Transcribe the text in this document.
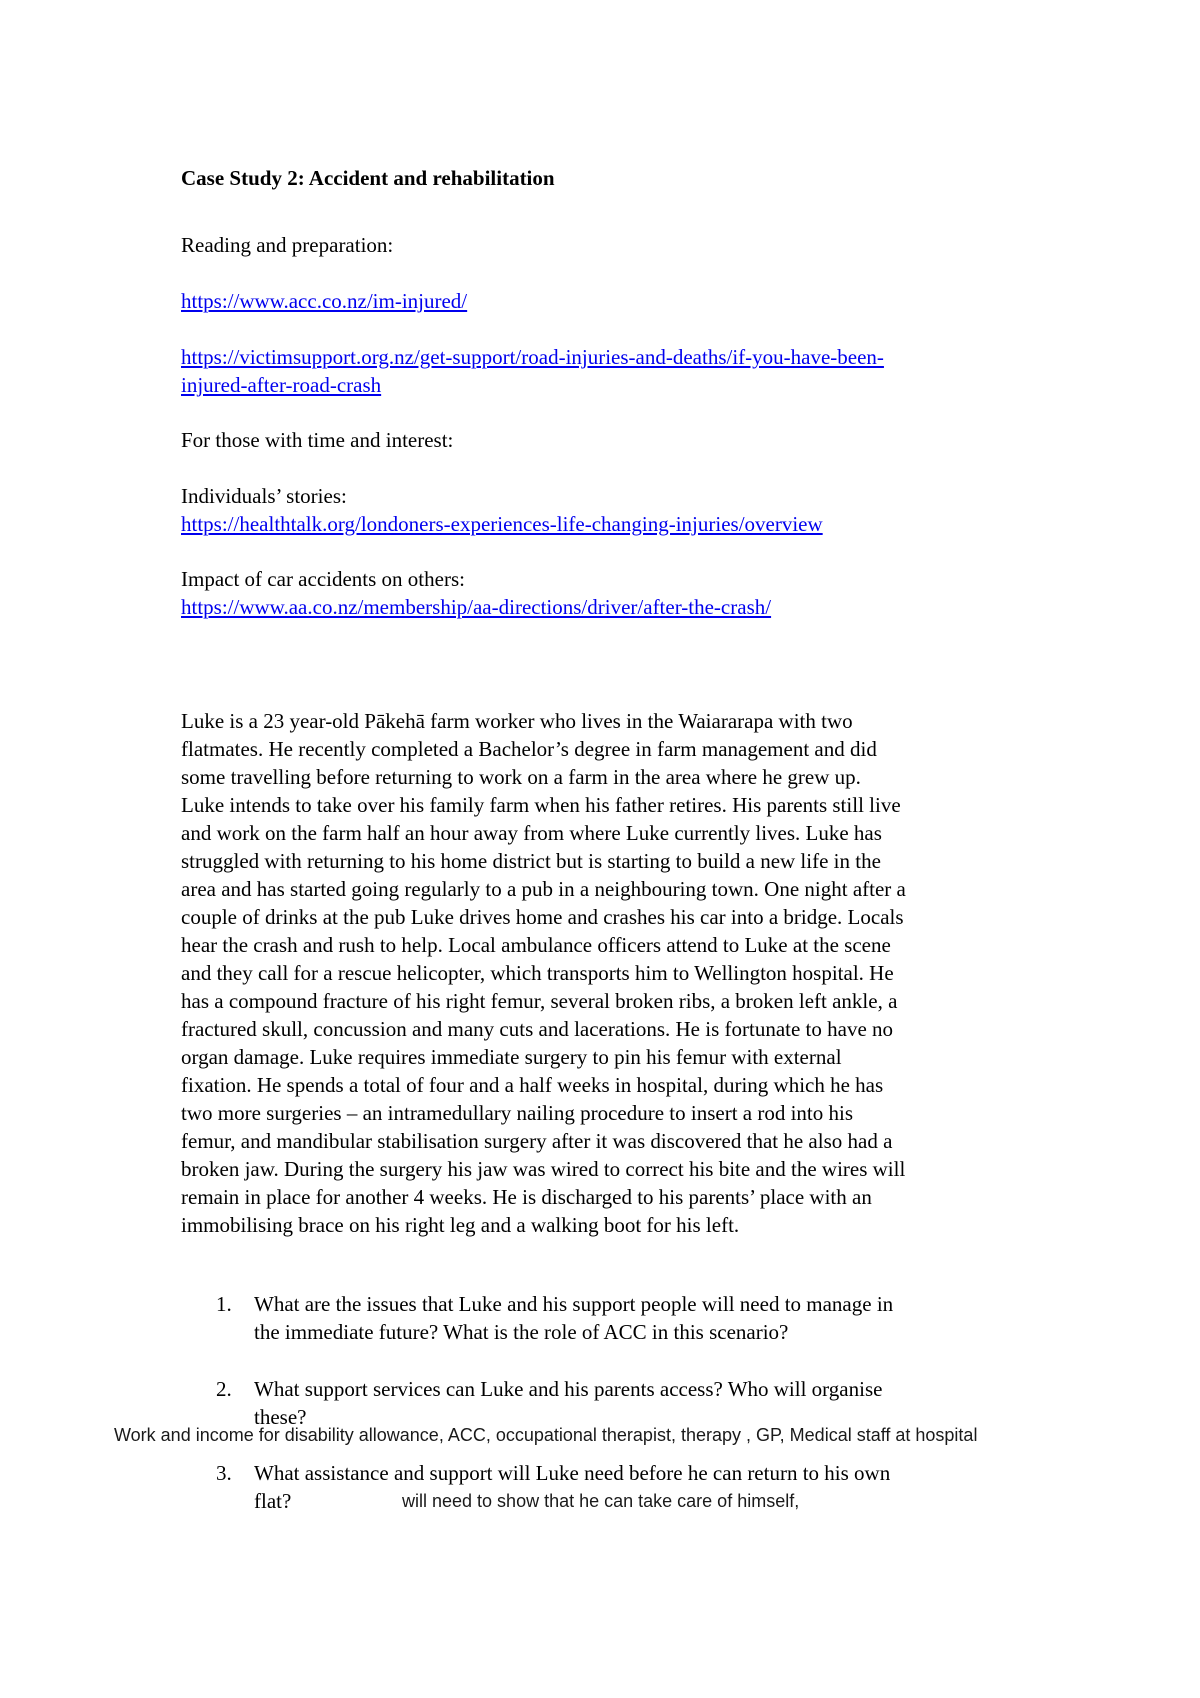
Case Study 2: Accident and rehabilitation

Reading and preparation:

https://www.acc.co.nz/im-injured/

https://victimsupport.org.nz/get-support/road-injuries-and-deaths/if-you-have-been-
injured-after-road-crash

For those with time and interest:

Individuals’ stories:
https://healthtalk.org/londoners-experiences-life-changing-injuries/overview

Impact of car accidents on others:
https://www.aa.co.nz/membership/aa-directions/driver/after-the-crash/

Luke is a 23 year-old Pākehā farm worker who lives in the Waiararapa with two
flatmates. He recently completed a Bachelor’s degree in farm management and did
some travelling before returning to work on a farm in the area where he grew up.
Luke intends to take over his family farm when his father retires. His parents still live
and work on the farm half an hour away from where Luke currently lives. Luke has
struggled with returning to his home district but is starting to build a new life in the
area and has started going regularly to a pub in a neighbouring town. One night after a
couple of drinks at the pub Luke drives home and crashes his car into a bridge. Locals
hear the crash and rush to help. Local ambulance officers attend to Luke at the scene
and they call for a rescue helicopter, which transports him to Wellington hospital. He
has a compound fracture of his right femur, several broken ribs, a broken left ankle, a
fractured skull, concussion and many cuts and lacerations. He is fortunate to have no
organ damage. Luke requires immediate surgery to pin his femur with external
fixation. He spends a total of four and a half weeks in hospital, during which he has
two more surgeries – an intramedullary nailing procedure to insert a rod into his
femur, and mandibular stabilisation surgery after it was discovered that he also had a
broken jaw. During the surgery his jaw was wired to correct his bite and the wires will
remain in place for another 4 weeks. He is discharged to his parents’ place with an
immobilising brace on his right leg and a walking boot for his left.
1. What are the issues that Luke and his support people will need to manage in
the immediate future? What is the role of ACC in this scenario?
2. What support services can Luke and his parents access? Who will organise
these?
Work and income for disability allowance, ACC, occupational therapist, therapy , GP, Medical staff at hospital
3. What assistance and support will Luke need before he can return to his own
flat?	will need to show that he can take care of himself,
